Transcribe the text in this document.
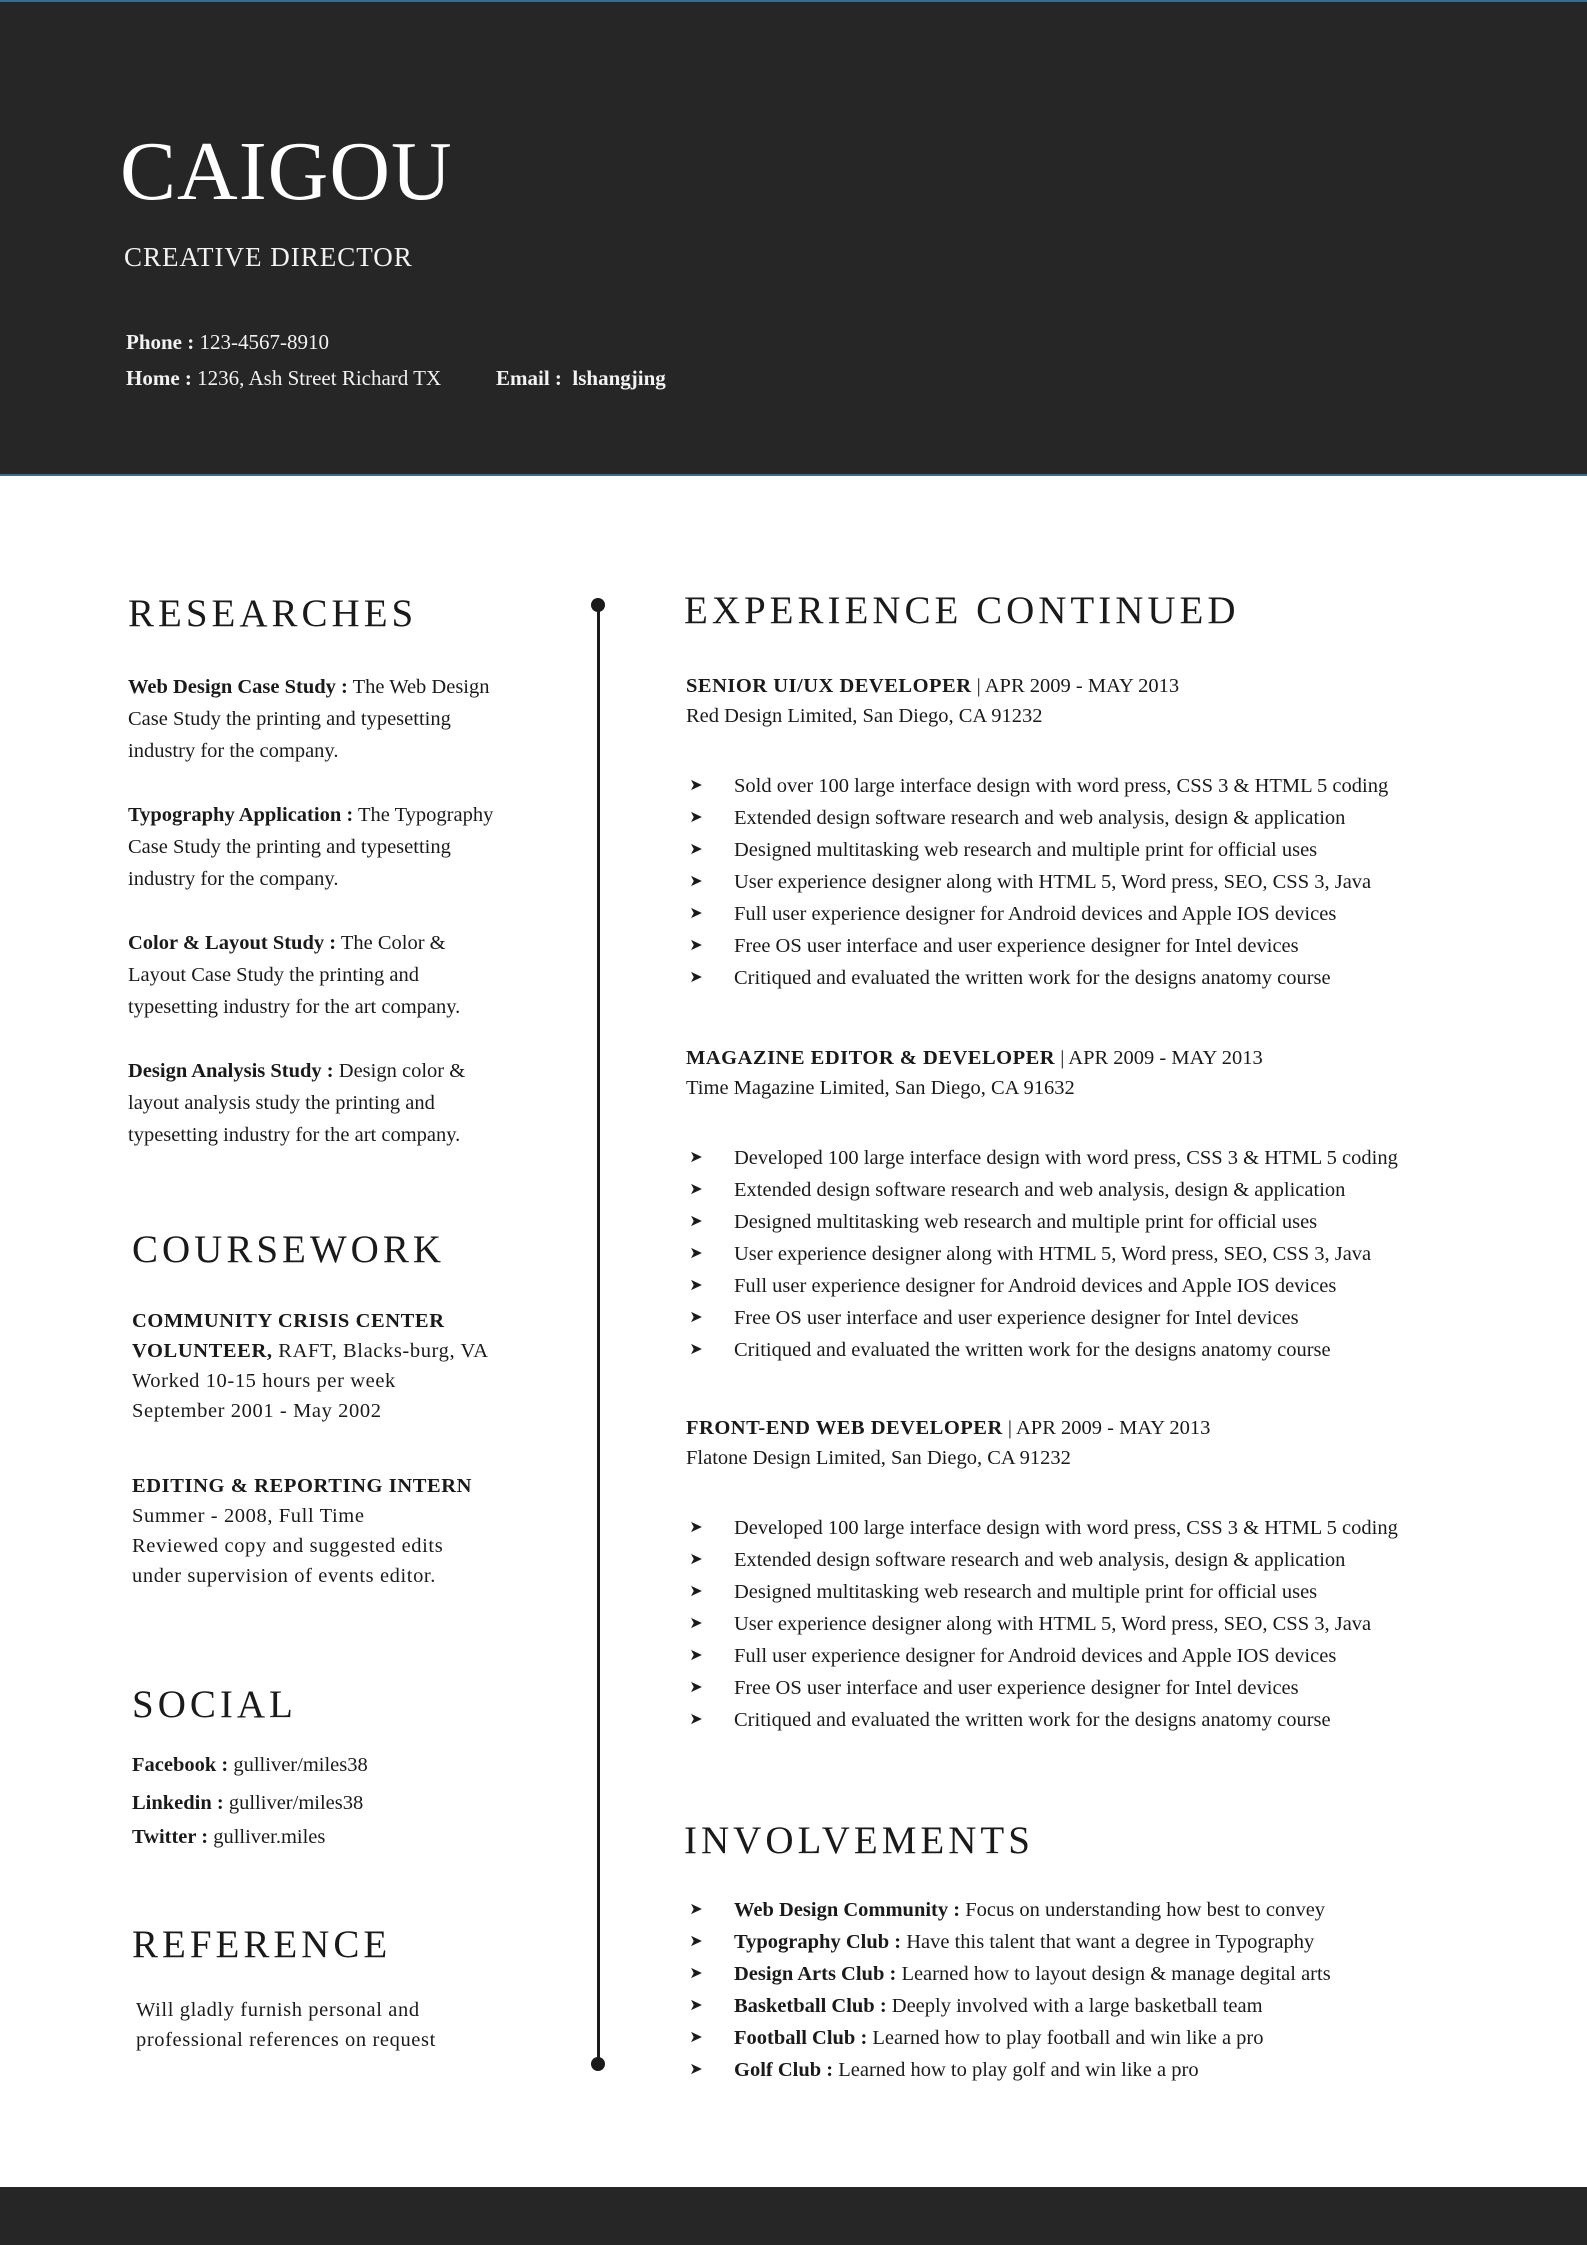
CAIGOU
CREATIVE DIRECTOR
Phone : 123-4567-8910
Home : 1236, Ash Street Richard TX	Email : lshangjing
RESEARCHES
Web Design Case Study : The Web Design
Case Study the printing and typesetting
industry for the company.
Typography Application : The Typography
Case Study the printing and typesetting
industry for the company.
Color & Layout Study : The Color &
Layout Case Study the printing and
typesetting industry for the art company.
Design Analysis Study : Design color &
layout analysis study the printing and
typesetting industry for the art company.
COURSEWORK
COMMUNITY CRISIS CENTER
VOLUNTEER, RAFT, Blacks-burg, VA
Worked 10-15 hours per week
September 2001 - May 2002
EDITING & REPORTING INTERN
Summer - 2008, Full Time
Reviewed copy and suggested edits
under supervision of events editor.
SOCIAL
Facebook : gulliver/miles38
Linkedin : gulliver/miles38
Twitter : gulliver.miles
REFERENCE
Will gladly furnish personal and
professional references on request
EXPERIENCE CONTINUED
SENIOR UI/UX DEVELOPER | APR 2009 - MAY 2013
Red Design Limited, San Diego, CA 91232
➤ Sold over 100 large interface design with word press, CSS 3 & HTML 5 coding
➤ Extended design software research and web analysis, design & application
➤ Designed multitasking web research and multiple print for official uses
➤ User experience designer along with HTML 5, Word press, SEO, CSS 3, Java
➤ Full user experience designer for Android devices and Apple IOS devices
➤ Free OS user interface and user experience designer for Intel devices
➤ Critiqued and evaluated the written work for the designs anatomy course
MAGAZINE EDITOR & DEVELOPER | APR 2009 - MAY 2013
Time Magazine Limited, San Diego, CA 91632
➤ Developed 100 large interface design with word press, CSS 3 & HTML 5 coding
➤ Extended design software research and web analysis, design & application
➤ Designed multitasking web research and multiple print for official uses
➤ User experience designer along with HTML 5, Word press, SEO, CSS 3, Java
➤ Full user experience designer for Android devices and Apple IOS devices
➤ Free OS user interface and user experience designer for Intel devices
➤ Critiqued and evaluated the written work for the designs anatomy course
FRONT-END WEB DEVELOPER | APR 2009 - MAY 2013
Flatone Design Limited, San Diego, CA 91232
➤ Developed 100 large interface design with word press, CSS 3 & HTML 5 coding
➤ Extended design software research and web analysis, design & application
➤ Designed multitasking web research and multiple print for official uses
➤ User experience designer along with HTML 5, Word press, SEO, CSS 3, Java
➤ Full user experience designer for Android devices and Apple IOS devices
➤ Free OS user interface and user experience designer for Intel devices
➤ Critiqued and evaluated the written work for the designs anatomy course
INVOLVEMENTS
➤ Web Design Community : Focus on understanding how best to convey
➤ Typography Club : Have this talent that want a degree in Typography
➤ Design Arts Club : Learned how to layout design & manage degital arts
➤ Basketball Club : Deeply involved with a large basketball team
➤ Football Club : Learned how to play football and win like a pro
➤ Golf Club : Learned how to play golf and win like a pro
